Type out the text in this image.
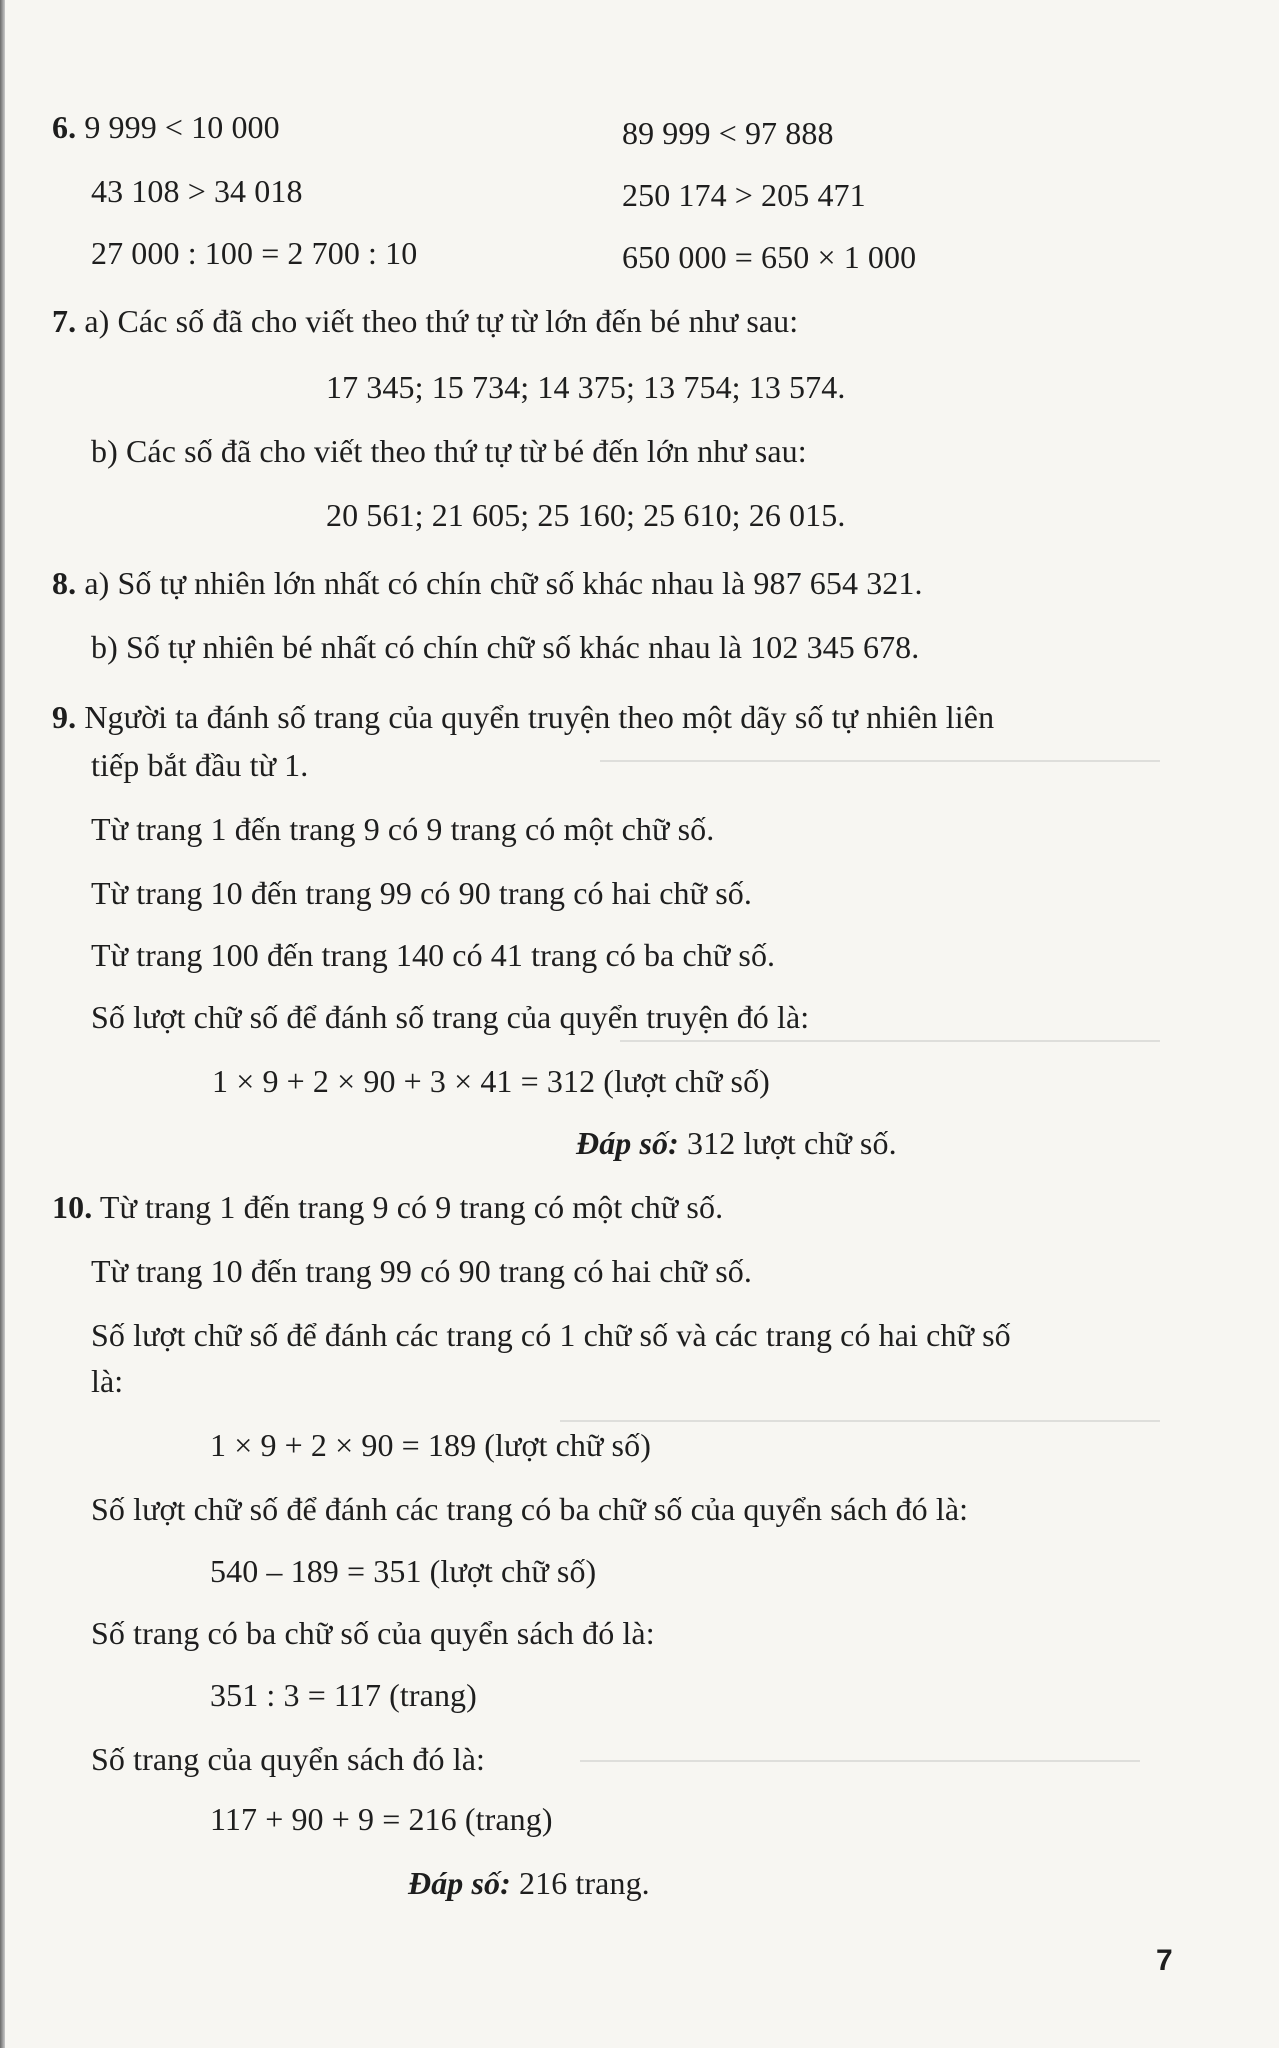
6. 9 999 < 10 000	89 999 < 97 888
43 108 > 34 018	250 174 > 205 471
27 000 : 100 = 2 700 : 10	650 000 = 650 × 1 000
7. a) Các số đã cho viết theo thứ tự từ lớn đến bé như sau:
17 345; 15 734; 14 375; 13 754; 13 574.
b) Các số đã cho viết theo thứ tự từ bé đến lớn như sau:
20 561; 21 605; 25 160; 25 610; 26 015.
8. a) Số tự nhiên lớn nhất có chín chữ số khác nhau là 987 654 321.
b) Số tự nhiên bé nhất có chín chữ số khác nhau là 102 345 678.
9. Người ta đánh số trang của quyển truyện theo một dãy số tự nhiên liên
tiếp bắt đầu từ 1.
Từ trang 1 đến trang 9 có 9 trang có một chữ số.
Từ trang 10 đến trang 99 có 90 trang có hai chữ số.
Từ trang 100 đến trang 140 có 41 trang có ba chữ số.
Số lượt chữ số để đánh số trang của quyển truyện đó là:
1 × 9 + 2 × 90 + 3 × 41 = 312 (lượt chữ số)
Đáp số: 312 lượt chữ số.
10. Từ trang 1 đến trang 9 có 9 trang có một chữ số.
Từ trang 10 đến trang 99 có 90 trang có hai chữ số.
Số lượt chữ số để đánh các trang có 1 chữ số và các trang có hai chữ số
là:
1 × 9 + 2 × 90 = 189 (lượt chữ số)
Số lượt chữ số để đánh các trang có ba chữ số của quyển sách đó là:
540 – 189 = 351 (lượt chữ số)
Số trang có ba chữ số của quyển sách đó là:
351 : 3 = 117 (trang)
Số trang của quyển sách đó là:
117 + 90 + 9 = 216 (trang)
Đáp số: 216 trang.
7
